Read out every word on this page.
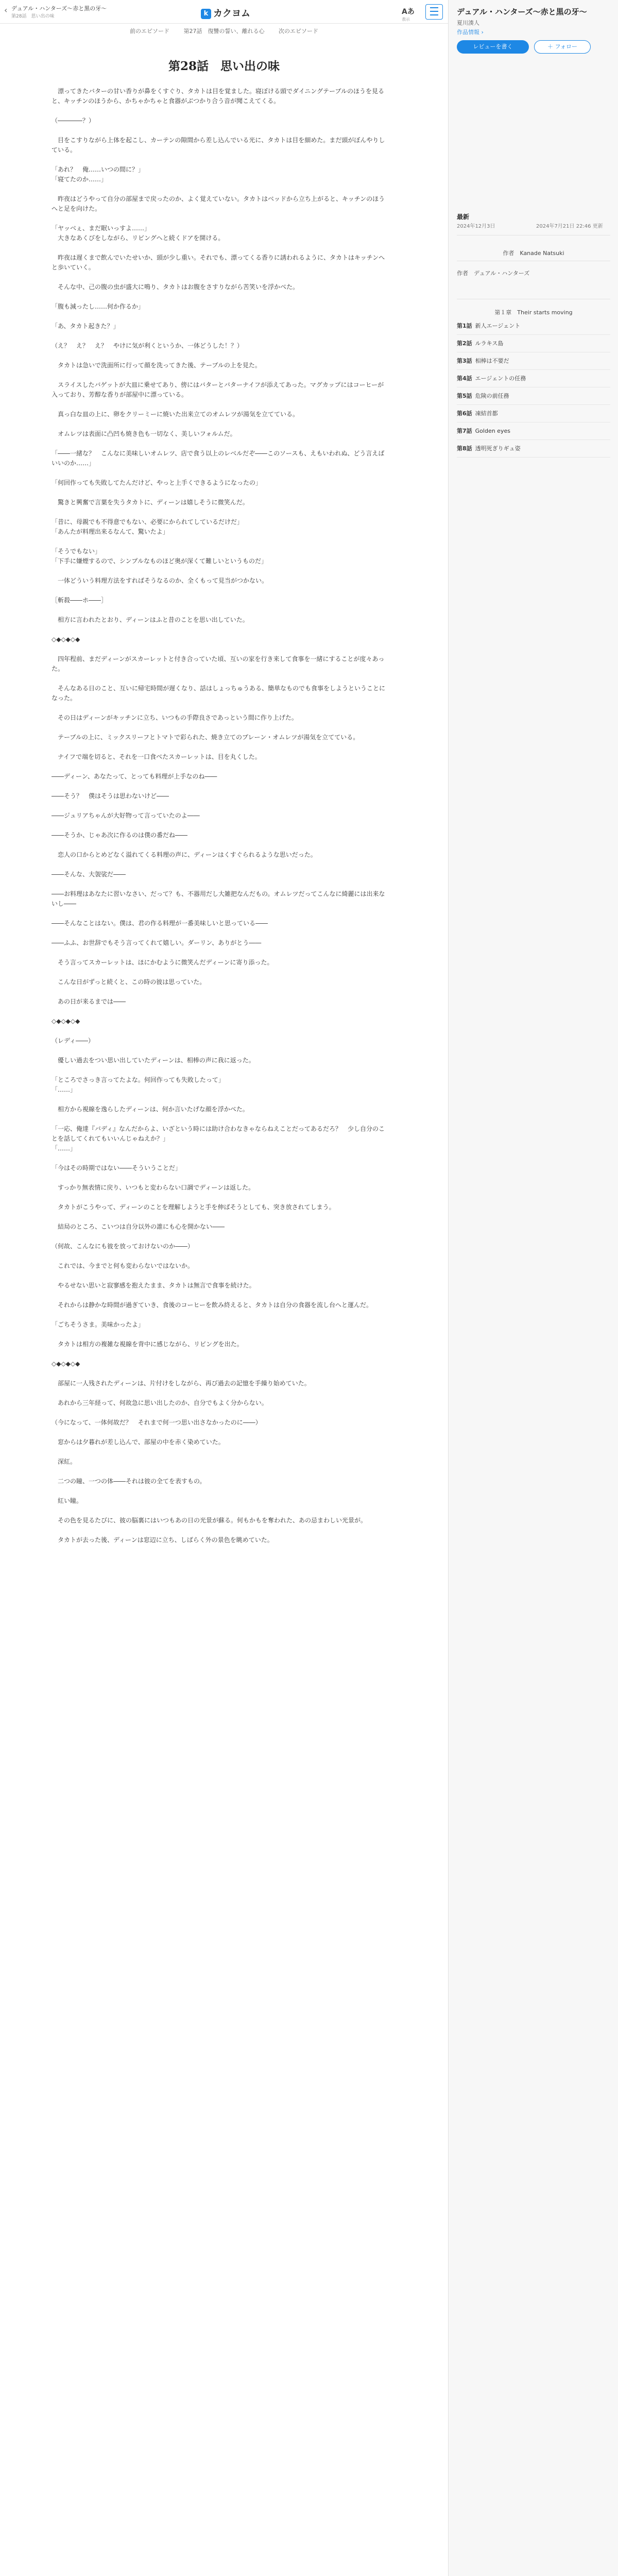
‹ デュアル・ハンターズ〜赤と黒の牙〜
第28話　思い出の味	k カクヨム	Aあ
表示
前のエピソード	第27話　復讐の誓い、離れる心	次のエピソード
第28話　思い出の味

　漂ってきたバターの甘い香りが鼻をくすぐり、タカトは目を覚ました。寝ぼける頭でダイニングテーブルのほうを見ると、キッチンのほうから、かちゃかちゃと食器がぶつかり合う音が聞こえてくる。

（――――？）

　目をこすりながら上体を起こし、カーテンの隙間から差し込んでいる光に、タカトは目を細めた。まだ頭がぼんやりしている。

「あれ？　俺……いつの間に？」
「寝てたのか……」

　昨夜はどうやって自分の部屋まで戻ったのか、よく覚えていない。タカトはベッドから立ち上がると、キッチンのほうへと足を向けた。

「ヤッベぇ、まだ眠いっすよ……」
　大きなあくびをしながら、リビングへと続くドアを開ける。

　昨夜は遅くまで飲んでいたせいか、頭が少し重い。それでも、漂ってくる香りに誘われるように、タカトはキッチンへと歩いていく。

　そんな中、己の腹の虫が盛大に鳴り、タカトはお腹をさすりながら苦笑いを浮かべた。

「腹も減ったし……何か作るか」

「あ、タカト起きた？」

（え？　え？　え？　やけに気が利くというか、一体どうした！？）

　タカトは急いで洗面所に行って顔を洗ってきた後、テーブルの上を見た。

　スライスしたバゲットが大皿に乗せてあり、傍にはバターとバターナイフが添えてあった。マグカップにはコーヒーが入っており、芳醇な香りが部屋中に漂っている。

　真っ白な皿の上に、卵をクリーミーに焼いた出来立てのオムレツが湯気を立てている。

　オムレツは表面に凸凹も焼き色も一切なく、美しいフォルムだ。

「――一緒な？　こんなに美味しいオムレツ、店で食う以上のレベルだぞ――このソースも、えもいわれぬ、どう言えばいいのか……」

「何回作っても失敗してたんだけど、やっと上手くできるようになったの」

　驚きと興奮で言葉を失うタカトに、ディーンは嬉しそうに微笑んだ。

「昔に、母親でも不得意でもない、必要にかられてしているだけだ」
「あんたが料理出来るなんて、驚いたよ」

「そうでもない」
「下手に嫌煙するので、シンプルなものほど奥が深くて難しいというものだ」

　一体どういう料理方法をすればそうなるのか、全くもって見当がつかない。

［斬殺――ホ――］

　相方に言われたとおり、ディーンはふと昔のことを思い出していた。

◇◆◇◆◇◆

　四年程前、まだディーンがスカーレットと付き合っていた頃、互いの家を行き来して食事を一緒にすることが度々あった。

　そんなある日のこと、互いに帰宅時間が遅くなり、話はしょっちゅうある、簡単なものでも食事をしようということになった。

　その日はディーンがキッチンに立ち、いつもの手際良さであっという間に作り上げた。

　テーブルの上に、ミックスリーフとトマトで彩られた、焼き立てのプレーン・オムレツが湯気を立てている。

　ナイフで端を切ると、それを一口食べたスカーレットは、目を丸くした。

――ディーン、あなたって、とっても料理が上手なのね――

――そう？　僕はそうは思わないけど――

――ジュリアちゃんが大好物って言っていたのよ――

――そうか、じゃあ次に作るのは僕の番だね――

　恋人の口からとめどなく溢れてくる料理の声に、ディーンはくすぐられるような思いだった。

――そんな、大袈裟だ――

――お料理はあなたに習いなさい、だって？も、不器用だし大雑把なんだもの。オムレツだってこんなに綺麗には出来ないし――

――そんなことはない。僕は、君の作る料理が一番美味しいと思っている――

――ふふ、お世辞でもそう言ってくれて嬉しい。ダーリン、ありがとう――

　そう言ってスカーレットは、ほにかむように微笑んだディーンに寄り添った。

　こんな日がずっと続くと、この時の彼は思っていた。

　あの日が来るまでは――

◇◆◇◆◇◆

（レディ――）

　優しい過去をつい思い出していたディーンは、相棒の声に我に返った。

「ところでさっき言ってたよな。何回作っても失敗したって」
「……」

　相方から視線を逸らしたディーンは、何か言いたげな顔を浮かべた。

「一応、俺達『バディ』なんだからよ、いざという時には助け合わなきゃならねえことだってあるだろ？　少し自分のことを話してくれてもいいんじゃねえか？」
「……」

「今はその時期ではない――そういうことだ」

　すっかり無表情に戻り、いつもと変わらない口調でディーンは返した。

　タカトがこうやって、ディーンのことを理解しようと手を伸ばそうとしても、突き放されてしまう。

　結局のところ、こいつは自分以外の誰にも心を開かない――

（何故、こんなにも彼を放っておけないのか――）

　これでは、今までと何も変わらないではないか。

　やるせない思いと寂寥感を抱えたまま、タカトは無言で食事を続けた。

　それからは静かな時間が過ぎていき、食後のコーヒーを飲み終えると、タカトは自分の食器を流し台へと運んだ。

「ごちそうさま。美味かったよ」

　タカトは相方の複雑な視線を背中に感じながら、リビングを出た。

◇◆◇◆◇◆

　部屋に一人残されたディーンは、片付けをしながら、再び過去の記憶を手繰り始めていた。

　あれから三年経って、何故急に思い出したのか、自分でもよく分からない。

（今になって、一体何故だ？　それまで何一つ思い出さなかったのに――）

　窓からは夕暮れが差し込んで、部屋の中を赤く染めていた。

　深紅。

　二つの瞳、一つの体――それは彼の全てを表すもの。

　紅い瞳。

　その色を見るたびに、彼の脳裏にはいつもあの日の光景が蘇る。何もかもを奪われた、あの忌まわしい光景が。

　タカトが去った後、ディーンは窓辺に立ち、しばらく外の景色を眺めていた。

デュアル・ハンターズ〜赤と黒の牙〜
夏川湊人
作品情報 ›
レビューを書く	＋ フォロー
最新
2024年12月3日	2024年7月21日 22:46 更新
作者　Kanade Natsuki
作者　デュアル・ハンターズ
第１章　Their starts moving
第1話 新人エージェント
第2話 ルラキス島
第3話 相棒は不要だ
第4話 エージェントの任務
第5話 危険の前任務
第6話 凍結首都
第7話 Golden eyes
第8話 透明死ぎりギュ姿
